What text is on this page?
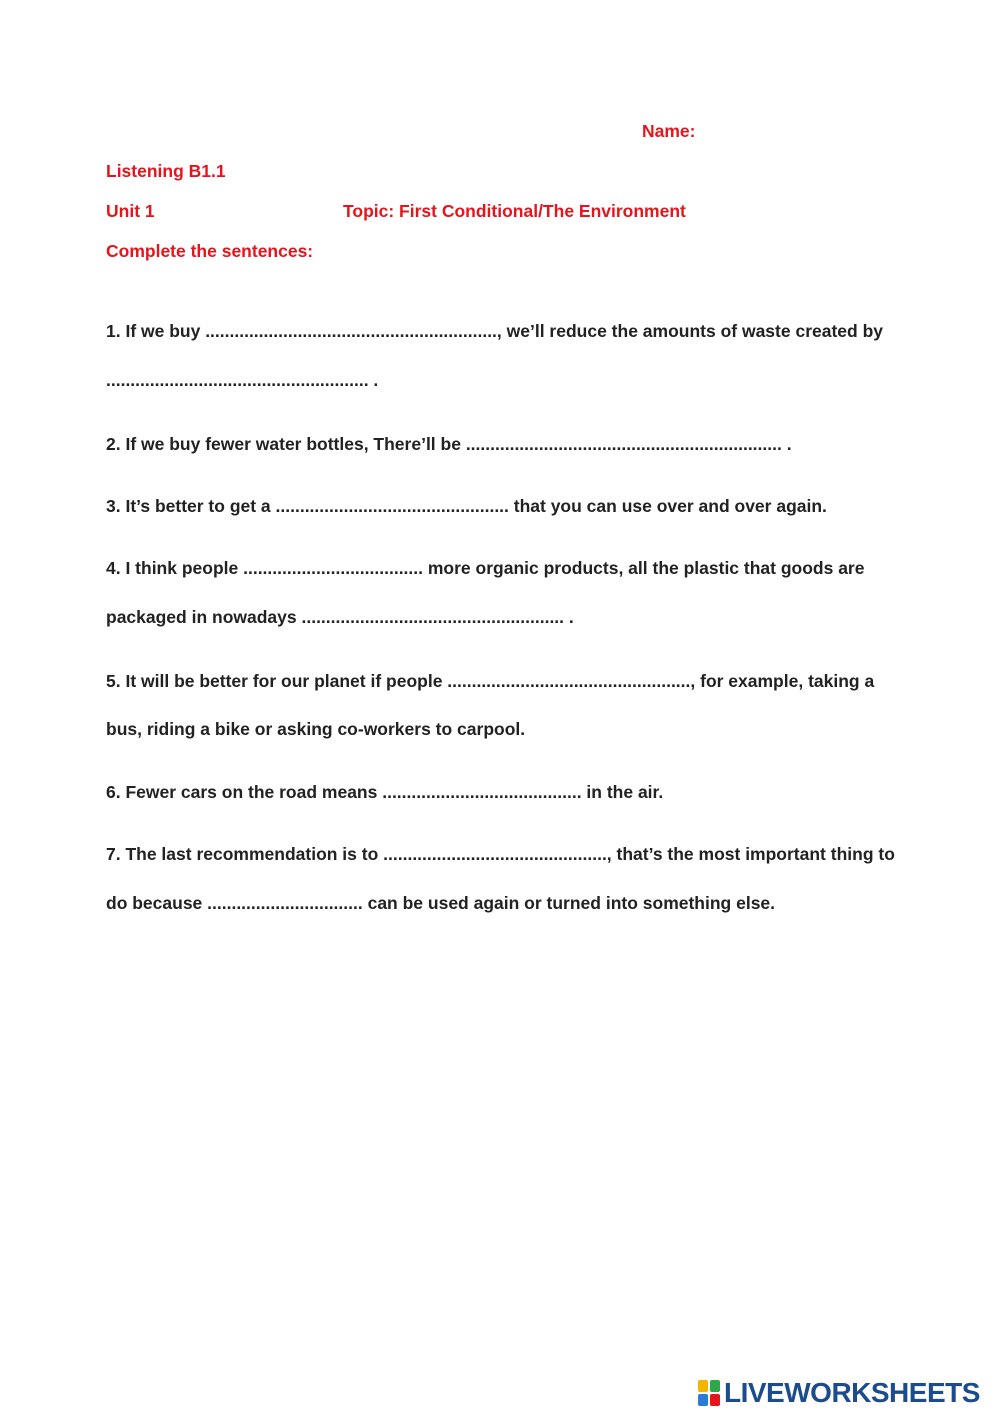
Name:
Listening B1.1
Unit 1	Topic: First Conditional/The Environment
Complete the sentences:
1. If we buy ............................................................, we’ll reduce the amounts of waste created by
...................................................... .
2. If we buy fewer water bottles, There’ll be ................................................................. .
3. It’s better to get a ................................................ that you can use over and over again.
4. I think people ..................................... more organic products, all the plastic that goods are
packaged in nowadays ...................................................... .
5. It will be better for our planet if people .................................................., for example, taking a
bus, riding a bike or asking co-workers to carpool.
6. Fewer cars on the road means ......................................... in the air.
7. The last recommendation is to .............................................., that’s the most important thing to
do because ................................ can be used again or turned into something else.
LIVEWORKSHEETS
